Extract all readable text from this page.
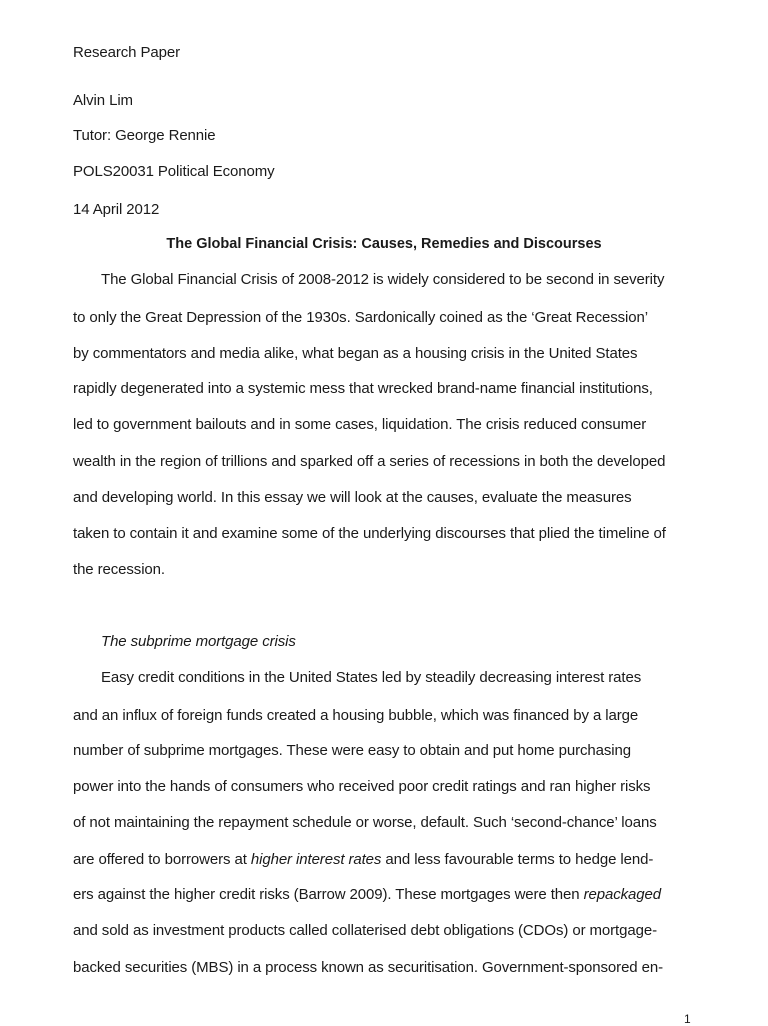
Research Paper
Alvin Lim
Tutor: George Rennie
POLS20031 Political Economy
14 April 2012
The Global Financial Crisis: Causes, Remedies and Discourses
The Global Financial Crisis of 2008-2012 is widely considered to be second in severity
to only the Great Depression of the 1930s. Sardonically coined as the ‘Great Recession’
by commentators and media alike, what began as a housing crisis in the United States
rapidly degenerated into a systemic mess that wrecked brand-name financial institutions,
led to government bailouts and in some cases, liquidation. The crisis reduced consumer
wealth in the region of trillions and sparked off a series of recessions in both the developed
and developing world. In this essay we will look at the causes, evaluate the measures
taken to contain it and examine some of the underlying discourses that plied the timeline of
the recession.
The subprime mortgage crisis
Easy credit conditions in the United States led by steadily decreasing interest rates
and an influx of foreign funds created a housing bubble, which was financed by a large
number of subprime mortgages. These were easy to obtain and put home purchasing
power into the hands of consumers who received poor credit ratings and ran higher risks
of not maintaining the repayment schedule or worse, default. Such ‘second-chance’ loans
are offered to borrowers at higher interest rates and less favourable terms to hedge lend-
ers against the higher credit risks (Barrow 2009). These mortgages were then repackaged
and sold as investment products called collaterised debt obligations (CDOs) or mortgage-
backed securities (MBS) in a process known as securitisation. Government-sponsored en-
1
